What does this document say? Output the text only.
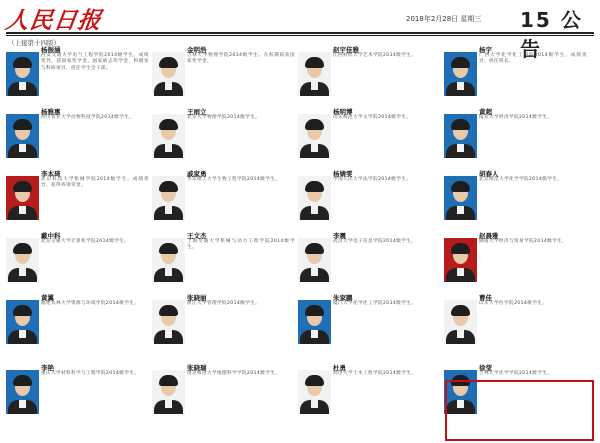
人民日报	2018年2月28日 星期三 15 公告
（上接第十四版）
杨振涵
西安交通大学电气工程学院2014级学生。成绩优异，获国家奖学金、国家励志奖学金，积极参与科研项目，担任学生会干部。
金明浩
吉林大学物理学院2014级学生。在校期间获国家奖学金、
赵宇佳雅
江西财经大学艺术学院2014级学生。
杨宇
广西大学化学化工学院2014级学生。成绩优异，担任班长。
杨雅惠
四川农业大学动物科技学院2014级学生。
王雨立
北京大学物理学院2014级学生。
杨明博
山东师范大学文学院2014级学生。
黄超
南京大学经济学院2014级学生。
李本琦
北京科技大学机械学院2014级学生。成绩优异，获得各项荣誉。
戚家勇
华东理工大学生物工程学院2014级学生。
杨婧雯
中国人民大学法学院2014级学生。
胡春人
北京师范大学化学学院2014级学生。
戴中科
北京交通大学计算机学院2014级学生。
王文杰
上海交通大学机械与动力工程学院2014级学生。
李震
武汉大学电子信息学院2014级学生。
赵晨雅
湖南大学经济与贸易学院2014级学生。
黄翼
福建农林大学资源与环境学院2014级学生。
张晓丽
浙江大学管理学院2014级学生。
朱家鹏
厦门大学化学化工学院2014级学生。
曹佳
山东大学医学院2014级学生。
李艳
重庆大学材料科学与工程学院2014级学生。
张晓瑞
南京师范大学地理科学学院2014级学生。
杜勇
同济大学土木工程学院2014级学生。
徐莹
吉林大学化学学院2014级学生。
